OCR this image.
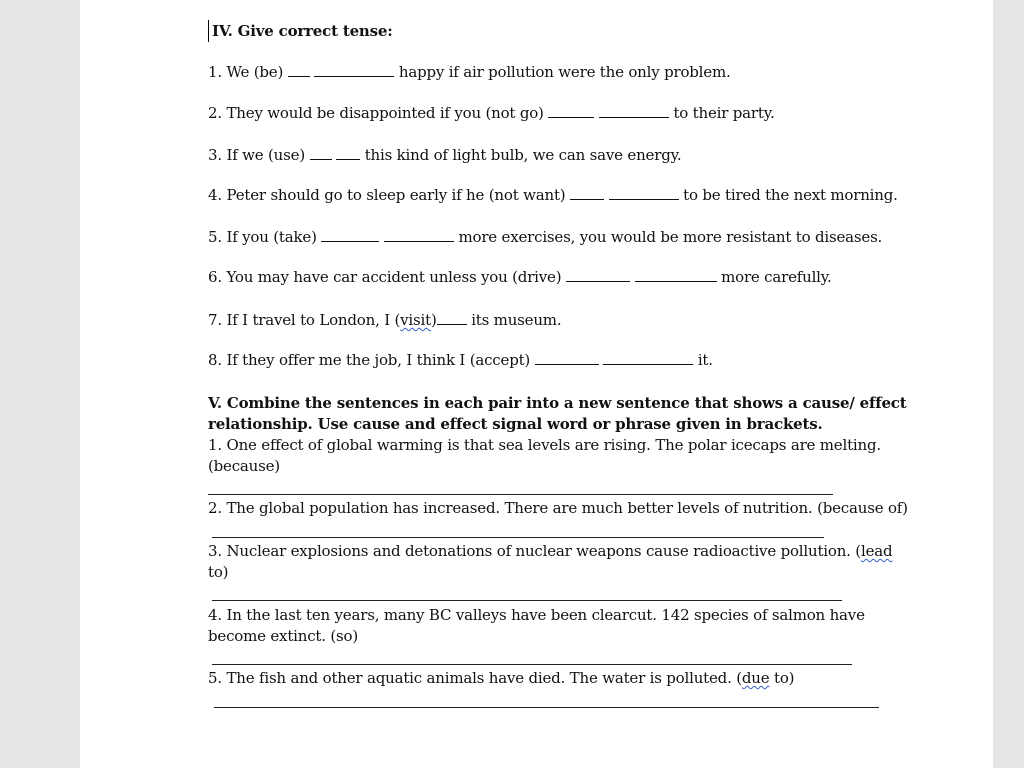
IV. Give correct tense:
1. We (be)	happy if air pollution were the only problem.
2. They would be disappointed if you (not go)	to their party.
3. If we (use)	this kind of light bulb, we can save energy.
4. Peter should go to sleep early if he (not want)	to be tired the next morning.
5. If you (take)	more exercises, you would be more resistant to diseases.
6. You may have car accident unless you (drive)	more carefully.
7. If I travel to London, I (visit) its museum.
8. If they offer me the job, I think I (accept)	it.
V. Combine the sentences in each pair into a new sentence that shows a cause/ effect
relationship. Use cause and effect signal word or phrase given in brackets.
1. One effect of global warming is that sea levels are rising. The polar icecaps are melting.
(because)
2. The global population has increased. There are much better levels of nutrition. (because of)
3. Nuclear explosions and detonations of nuclear weapons cause radioactive pollution. (lead
to)
4. In the last ten years, many BC valleys have been clearcut. 142 species of salmon have
become extinct. (so)
5. The fish and other aquatic animals have died. The water is polluted. (due to)
